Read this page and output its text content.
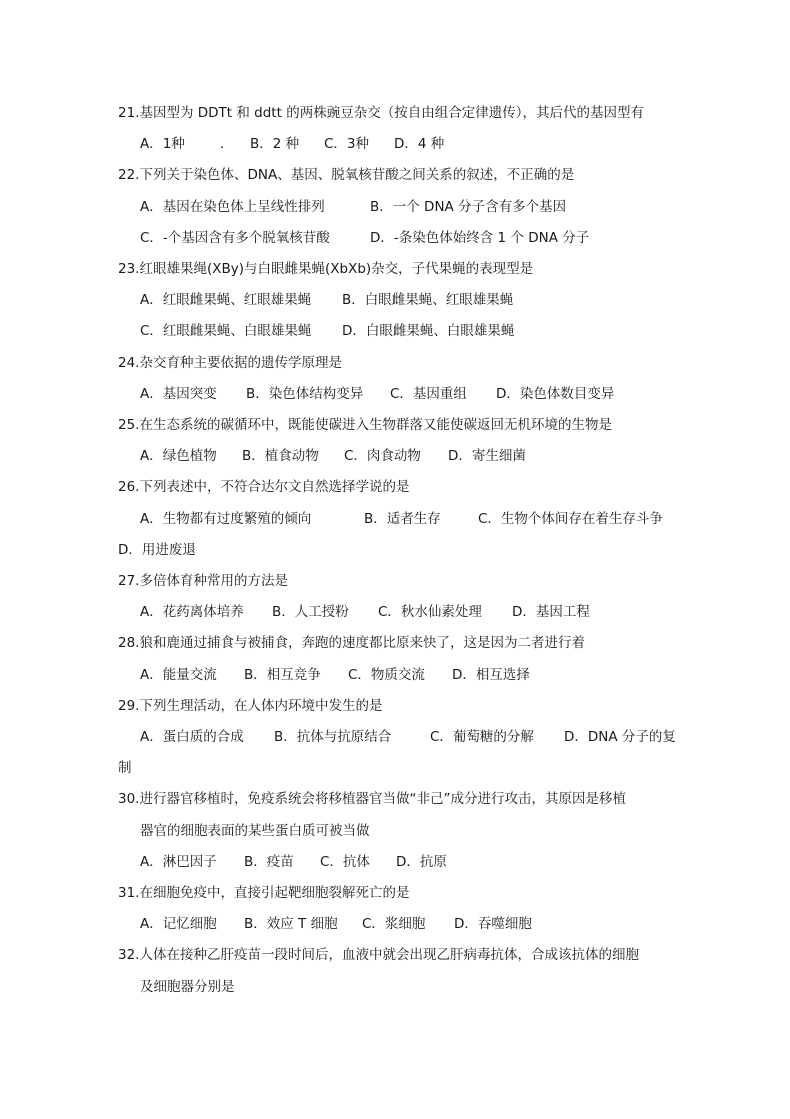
21.基因型为 DDTt 和 ddtt 的两株豌豆杂交（按自由组合定律遗传），其后代的基因型有
A．1种	． B．2 种 C．3种 D．4 种
22.下列关于染色体、DNA、基因、脱氧核苷酸之间关系的叙述，不正确的是
A．基因在染色体上呈线性排列	B．一个 DNA 分子含有多个基因
C．-个基因含有多个脱氧核苷酸	D．-条染色体始终含 1 个 DNA 分子
23.红眼雄果绳(XBy)与白眼雌果蝇(XbXb)杂交，子代果蝇的表现型是
A．红眼雌果蝇、红眼雄果蝇 B．白眼雌果蝇、红眼雄果蝇
C．红眼雌果蝇、白眼雄果蝇 D．白眼雌果蝇、白眼雄果蝇
24.杂交育种主要依据的遗传学原理是
A．基因突变 B．染色体结构变异 C．基因重组 D．染色体数目变异
25.在生态系统的碳循环中，既能使碳进入生物群落又能使碳返回无机环境的生物是
A．绿色植物 B．植食动物 C．肉食动物 D．寄生细菌
26.下列表述中，不符合达尔文自然选择学说的是
A．生物都有过度繁殖的倾向	B．适者生存	C．生物个体间存在着生存斗争
D．用进废退
27.多倍体育种常用的方法是
A．花药离体培养 B．人工授粉 C．秋水仙素处理 D．基因工程
28.狼和鹿通过捕食与被捕食，奔跑的速度都比原来快了，这是因为二者进行着
A．能量交流 B．相互竞争 C．物质交流 D．相互选择
29.下列生理活动，在人体内环境中发生的是
A．蛋白质的合成 B．抗体与抗原结合	C．葡萄糖的分解 D．DNA 分子的复
制
30.进行器官移植时，免疫系统会将移植器官当做“非己”成分进行攻击，其原因是移植
器官的细胞表面的某些蛋白质可被当做
A．淋巴因子 B．疫苗 C．抗体 D．抗原
31.在细胞免疫中，直接引起靶细胞裂解死亡的是
A．记忆细胞 B．效应 T 细胞 C．浆细胞 D．吞噬细胞
32.人体在接种乙肝疫苗一段时间后，血液中就会出现乙肝病毒抗体，合成该抗体的细胞
及细胞器分别是
